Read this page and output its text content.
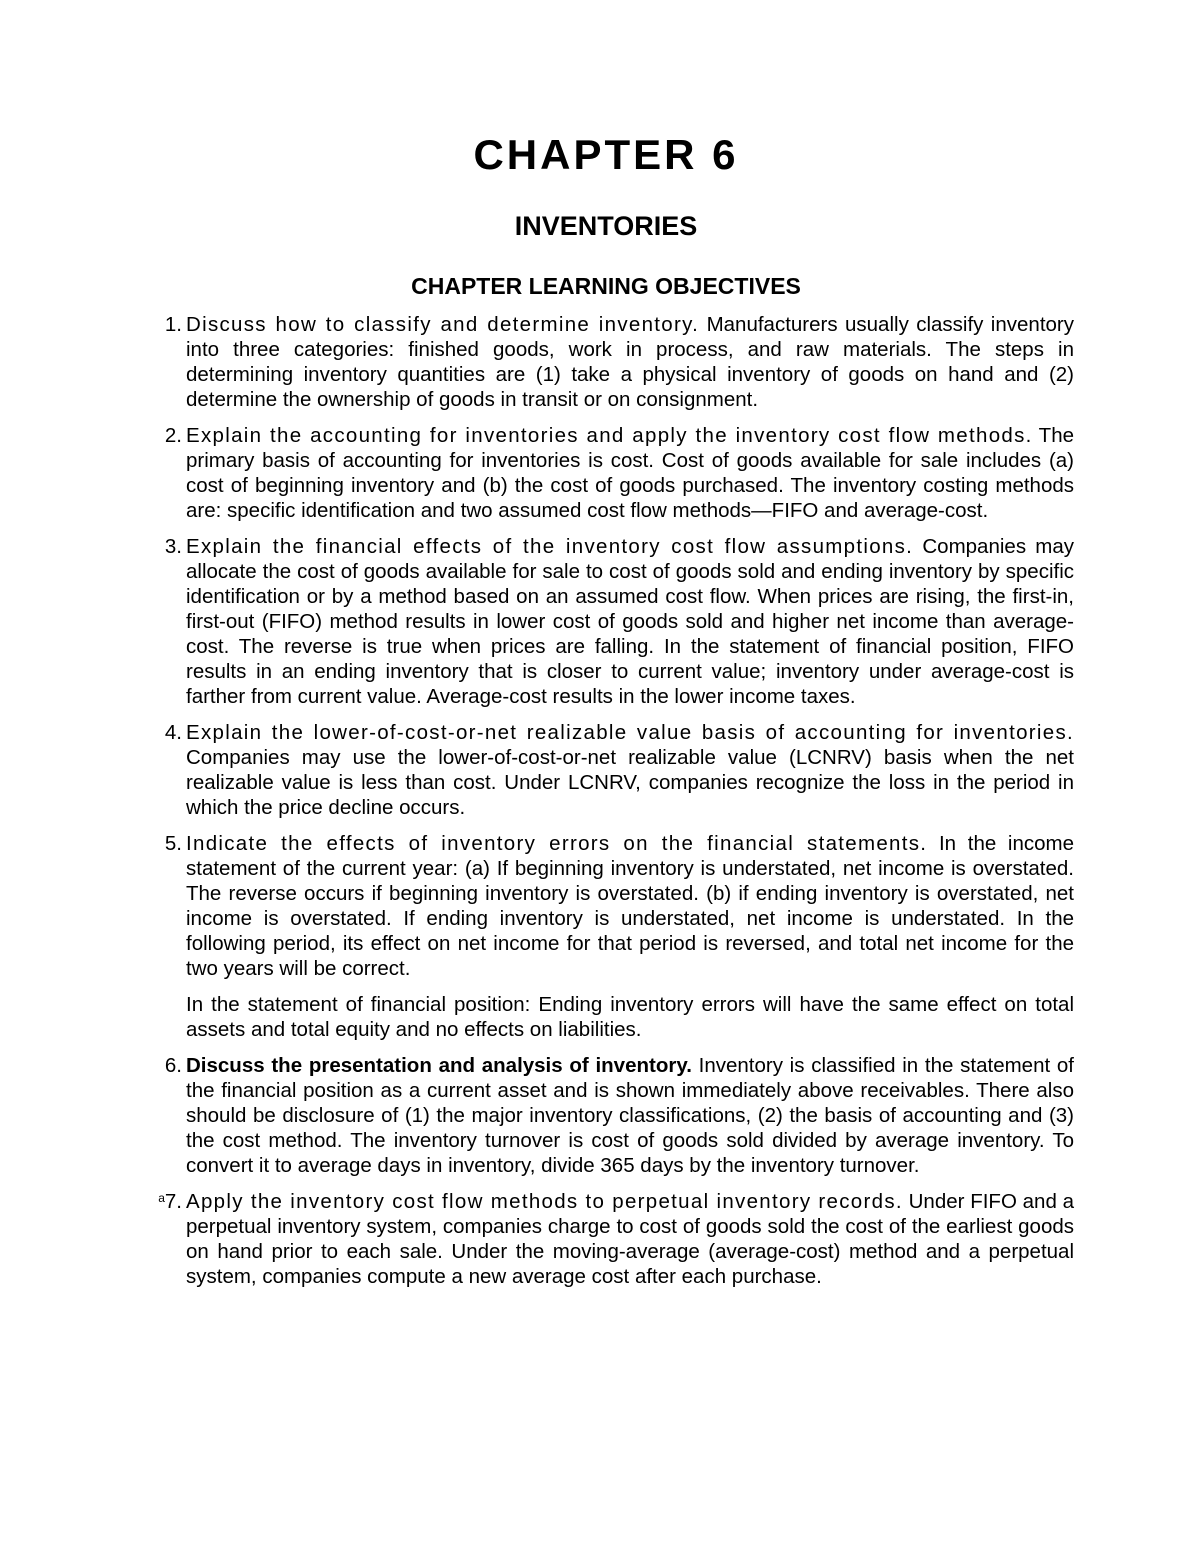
CHAPTER 6
INVENTORIES
CHAPTER LEARNING OBJECTIVES
1. Discuss how to classify and determine inventory. Manufacturers usually classify inventory into three categories: finished goods, work in process, and raw materials. The steps in determining inventory quantities are (1) take a physical inventory of goods on hand and (2) determine the ownership of goods in transit or on consignment.
2. Explain the accounting for inventories and apply the inventory cost flow methods. The primary basis of accounting for inventories is cost. Cost of goods available for sale includes (a) cost of beginning inventory and (b) the cost of goods purchased. The inventory costing methods are: specific identification and two assumed cost flow methods—FIFO and average-cost.
3. Explain the financial effects of the inventory cost flow assumptions. Companies may allocate the cost of goods available for sale to cost of goods sold and ending inventory by specific identification or by a method based on an assumed cost flow. When prices are rising, the first-in, first-out (FIFO) method results in lower cost of goods sold and higher net income than average-cost. The reverse is true when prices are falling. In the statement of financial position, FIFO results in an ending inventory that is closer to current value; inventory under average-cost is farther from current value. Average-cost results in the lower income taxes.
4. Explain the lower-of-cost-or-net realizable value basis of accounting for inventories. Companies may use the lower-of-cost-or-net realizable value (LCNRV) basis when the net realizable value is less than cost. Under LCNRV, companies recognize the loss in the period in which the price decline occurs.
5. Indicate the effects of inventory errors on the financial statements. In the income statement of the current year: (a) If beginning inventory is understated, net income is overstated. The reverse occurs if beginning inventory is overstated. (b) if ending inventory is overstated, net income is overstated. If ending inventory is understated, net income is understated. In the following period, its effect on net income for that period is reversed, and total net income for the two years will be correct.
In the statement of financial position: Ending inventory errors will have the same effect on total assets and total equity and no effects on liabilities.
6. Discuss the presentation and analysis of inventory. Inventory is classified in the statement of the financial position as a current asset and is shown immediately above receivables. There also should be disclosure of (1) the major inventory classifications, (2) the basis of accounting and (3) the cost method. The inventory turnover is cost of goods sold divided by average inventory. To convert it to average days in inventory, divide 365 days by the inventory turnover.
$^a$7. Apply the inventory cost flow methods to perpetual inventory records. Under FIFO and a perpetual inventory system, companies charge to cost of goods sold the cost of the earliest goods on hand prior to each sale. Under the moving-average (average-cost) method and a perpetual system, companies compute a new average cost after each purchase.
